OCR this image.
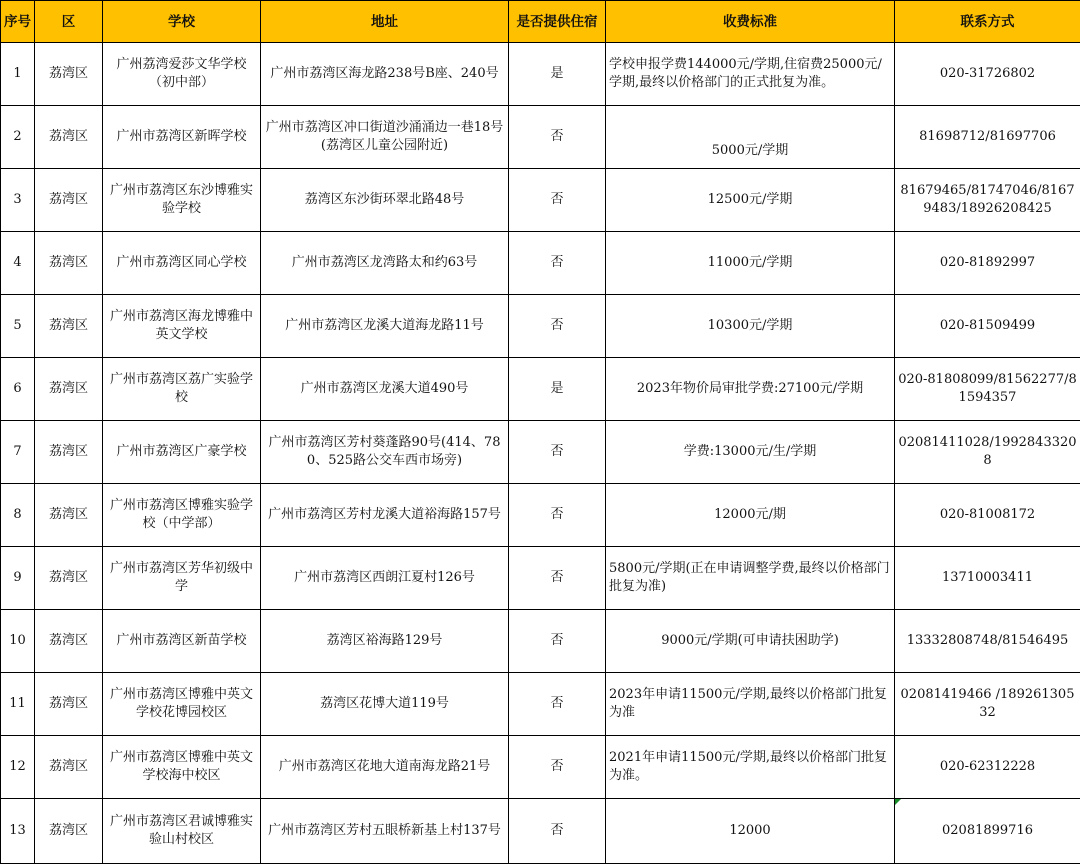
序号	区	学校	地址	是否提供住宿	收费标准	联系方式
1	荔湾区	广州荔湾爱莎文华学校（初中部）	广州市荔湾区海龙路238号B座、240号	是	学校申报学费144000元/学期,住宿费25000元/学期,最终以价格部门的正式批复为准。	020-31726802
2	荔湾区	广州市荔湾区新晖学校	广州市荔湾区冲口街道沙涌涌边一巷18号(荔湾区儿童公园附近)	否	5000元/学期	81698712/81697706
3	荔湾区	广州市荔湾区东沙博雅实验学校	荔湾区东沙街环翠北路48号	否	12500元/学期	81679465/81747046/81679483/18926208425
4	荔湾区	广州市荔湾区同心学校	广州市荔湾区龙湾路太和约63号	否	11000元/学期	020-81892997
5	荔湾区	广州市荔湾区海龙博雅中英文学校	广州市荔湾区龙溪大道海龙路11号	否	10300元/学期	020-81509499
6	荔湾区	广州市荔湾区荔广实验学校	广州市荔湾区龙溪大道490号	是	2023年物价局审批学费:27100元/学期	020-81808099/81562277/81594357
7	荔湾区	广州市荔湾区广豪学校	广州市荔湾区芳村葵蓬路90号(414、780、525路公交车西市场旁)	否	学费:13000元/生/学期	02081411028/19928433208
8	荔湾区	广州市荔湾区博雅实验学校（中学部）	广州市荔湾区芳村龙溪大道裕海路157号	否	12000元/期	020-81008172
9	荔湾区	广州市荔湾区芳华初级中学	广州市荔湾区西朗江夏村126号	否	5800元/学期(正在申请调整学费,最终以价格部门批复为准)	13710003411
10	荔湾区	广州市荔湾区新苗学校	荔湾区裕海路129号	否	9000元/学期(可申请扶困助学)	13332808748/81546495
11	荔湾区	广州市荔湾区博雅中英文学校花博园校区	荔湾区花博大道119号	否	2023年申请11500元/学期,最终以价格部门批复为准	02081419466 /18926130532
12	荔湾区	广州市荔湾区博雅中英文学校海中校区	广州市荔湾区花地大道南海龙路21号	否	2021年申请11500元/学期,最终以价格部门批复为准。	020-62312228
13	荔湾区	广州市荔湾区君诚博雅实验山村校区	广州市荔湾区芳村五眼桥新基上村137号	否	12000	02081899716
